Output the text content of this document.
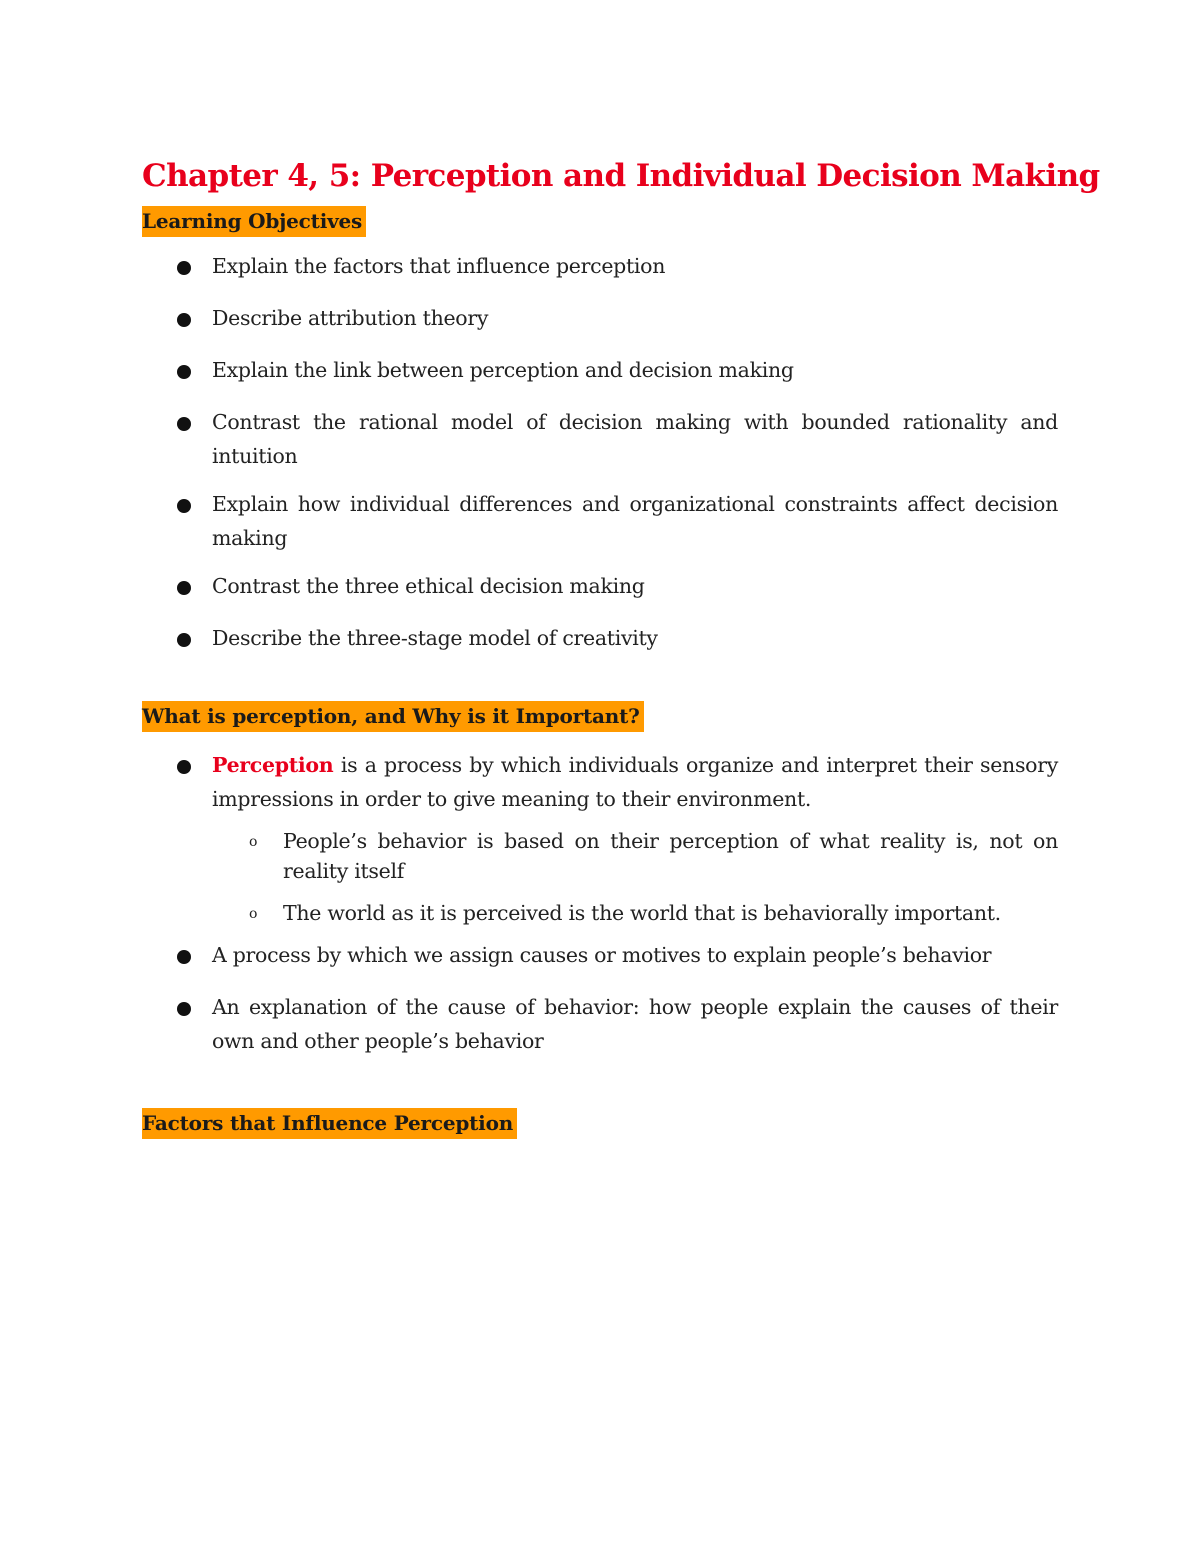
Chapter 4, 5: Perception and Individual Decision Making
Learning Objectives
Explain the factors that influence perception
Describe attribution theory
Explain the link between perception and decision making
Contrast the rational model of decision making with bounded rationality and intuition
Explain how individual differences and organizational constraints affect decision making
Contrast the three ethical decision making
Describe the three-stage model of creativity
What is perception, and Why is it Important?
Perception is a process by which individuals organize and interpret their sensory impressions in order to give meaning to their environment.
o People’s behavior is based on their perception of what reality is, not on reality itself
o The world as it is perceived is the world that is behaviorally important.
A process by which we assign causes or motives to explain people’s behavior
An explanation of the cause of behavior: how people explain the causes of their own and other people’s behavior
Factors that Influence Perception
